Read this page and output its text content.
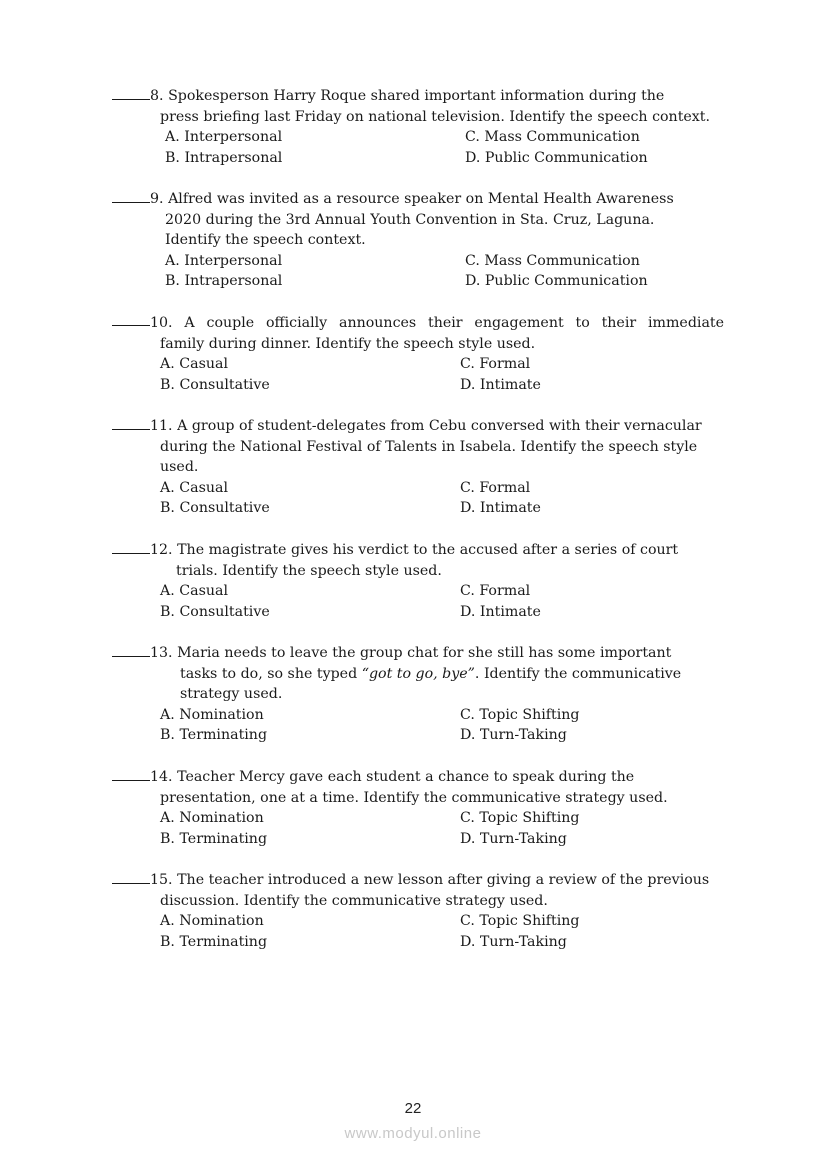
8. Spokesperson Harry Roque shared important information during the
press briefing last Friday on national television. Identify the speech context.
A. Interpersonal	C. Mass Communication
B. Intrapersonal	D. Public Communication
9. Alfred was invited as a resource speaker on Mental Health Awareness
2020 during the 3rd Annual Youth Convention in Sta. Cruz, Laguna.
Identify the speech context.
A. Interpersonal	C. Mass Communication
B. Intrapersonal	D. Public Communication
10. A couple officially announces their engagement to their immediate
family during dinner. Identify the speech style used.
A. Casual	C. Formal
B. Consultative	D. Intimate
11. A group of student-delegates from Cebu conversed with their vernacular
during the National Festival of Talents in Isabela. Identify the speech style
used.
A. Casual	C. Formal
B. Consultative	D. Intimate
12. The magistrate gives his verdict to the accused after a series of court
trials. Identify the speech style used.
A. Casual	C. Formal
B. Consultative	D. Intimate
13. Maria needs to leave the group chat for she still has some important
tasks to do, so she typed “got to go, bye”. Identify the communicative
strategy used.
A. Nomination	C. Topic Shifting
B. Terminating	D. Turn-Taking
14. Teacher Mercy gave each student a chance to speak during the
presentation, one at a time. Identify the communicative strategy used.
A. Nomination	C. Topic Shifting
B. Terminating	D. Turn-Taking
15. The teacher introduced a new lesson after giving a review of the previous
discussion. Identify the communicative strategy used.
A. Nomination	C. Topic Shifting
B. Terminating	D. Turn-Taking
22
www.modyul.online
